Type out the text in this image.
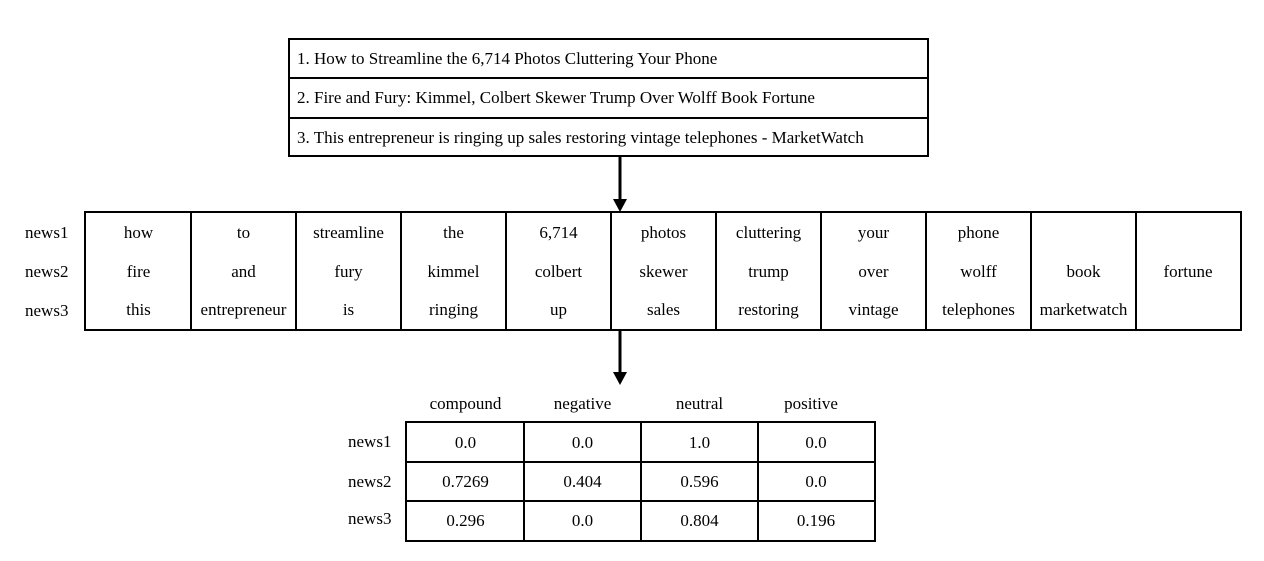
1. How to Streamline the 6,714 Photos Cluttering Your Phone
2. Fire and Fury: Kimmel, Colbert Skewer Trump Over Wolff Book Fortune
3. This entrepreneur is ringing up sales restoring vintage telephones - MarketWatch
news1
news2
news3
how	to	streamline	the	6,714	photos	cluttering	your	phone
fire	and	fury	kimmel	colbert	skewer	trump	over	wolff	book	fortune
this	entrepreneur	is	ringing	up	sales	restoring	vintage	telephones	marketwatch
compound	negative	neutral	positive
news1
news2
news3
0.0	0.0	1.0	0.0
0.7269	0.404	0.596	0.0
0.296	0.0	0.804	0.196
